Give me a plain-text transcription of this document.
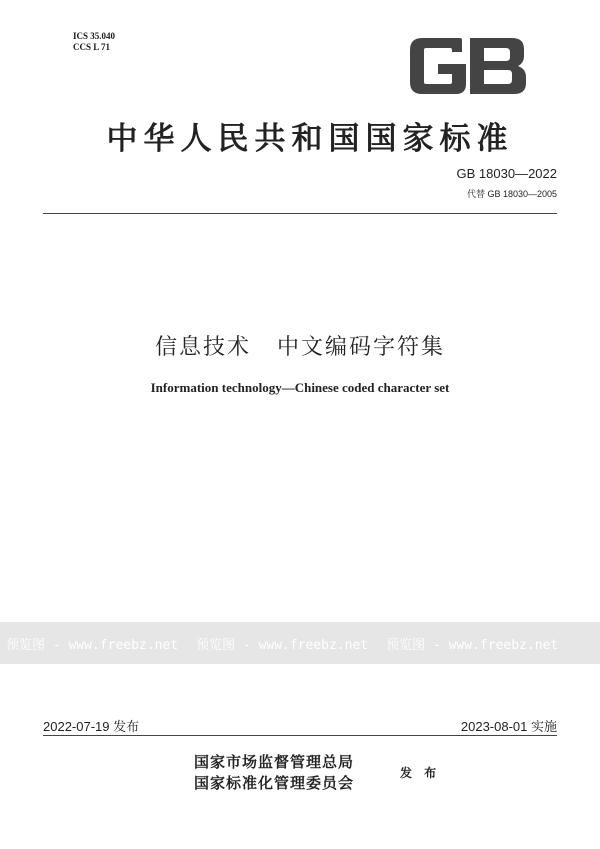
ICS 35.040
CCS L 71
中华人民共和国国家标准
GB 18030—2022
代替 GB 18030—2005
信息技术 中文编码字符集
Information technology—Chinese coded character set
预览图 - www.freebz.net	预览图 - www.freebz.net	预览图 - www.freebz.net
2022-07-19 发布	2023-08-01 实施
国家市场监督管理总局
国家标准化管理委员会
发 布
